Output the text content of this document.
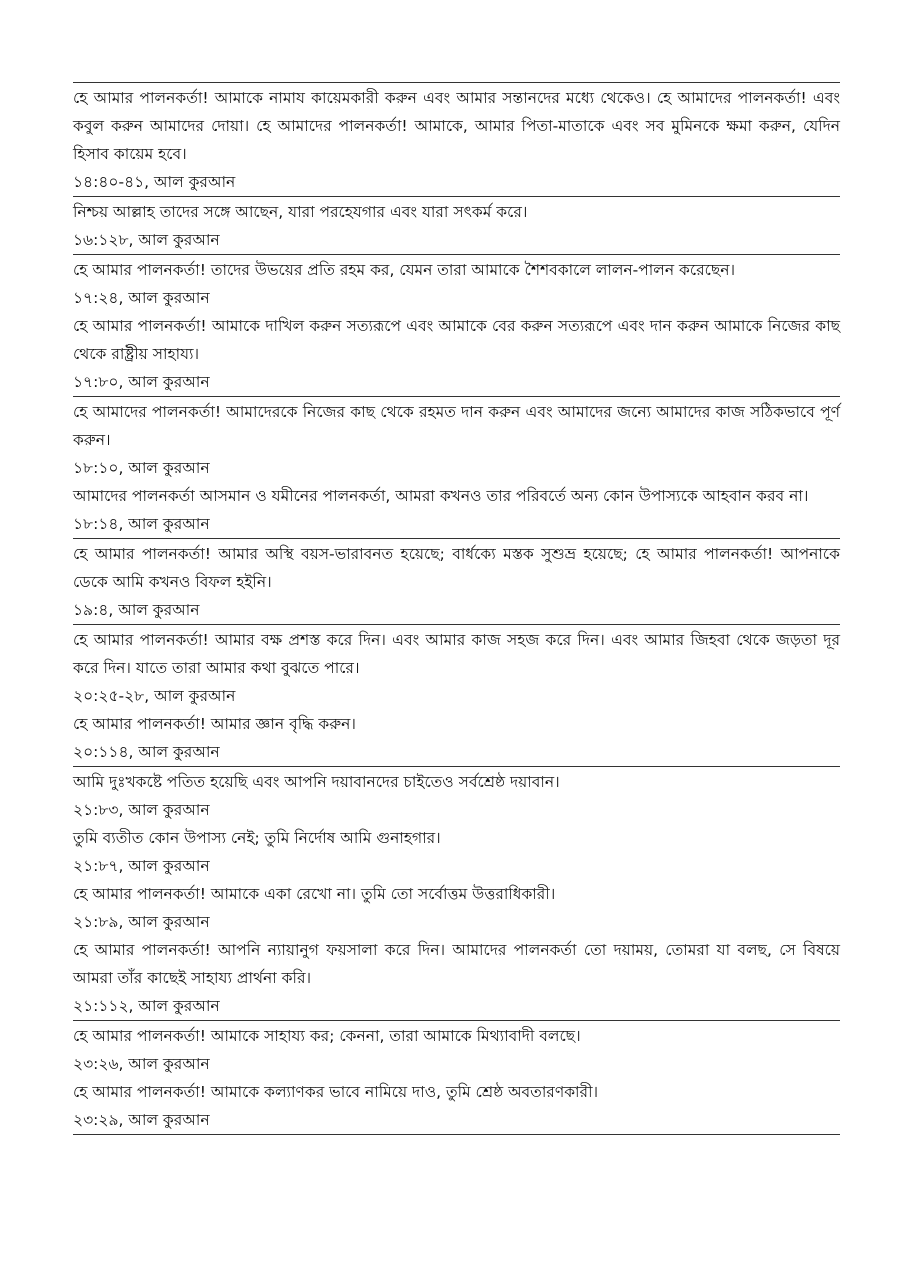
হে আমার পালনকর্তা! আমাকে নামায কায়েমকারী করুন এবং আমার সন্তানদের মধ্যে থেকেও। হে আমাদের পালনকর্তা! এবং কবুল করুন আমাদের দোয়া। হে আমাদের পালনকর্তা! আমাকে, আমার পিতা-মাতাকে এবং সব মুমিনকে ক্ষমা করুন, যেদিন হিসাব কায়েম হবে।

১৪:৪০-৪১, আল কুরআন

নিশ্চয় আল্লাহ তাদের সঙ্গে আছেন, যারা পরহেযগার এবং যারা সৎকর্ম করে।

১৬:১২৮, আল কুরআন

হে আমার পালনকর্তা! তাদের উভয়ের প্রতি রহম কর, যেমন তারা আমাকে শৈশবকালে লালন-পালন করেছেন।

১৭:২৪, আল কুরআন

হে আমার পালনকর্তা! আমাকে দাখিল করুন সত্যরূপে এবং আমাকে বের করুন সত্যরূপে এবং দান করুন আমাকে নিজের কাছ থেকে রাষ্ট্রীয় সাহায্য।

১৭:৮০, আল কুরআন

হে আমাদের পালনকর্তা! আমাদেরকে নিজের কাছ থেকে রহমত দান করুন এবং আমাদের জন্যে আমাদের কাজ সঠিকভাবে পূর্ণ করুন।

১৮:১০, আল কুরআন

আমাদের পালনকর্তা আসমান ও যমীনের পালনকর্তা, আমরা কখনও তার পরিবর্তে অন্য কোন উপাস্যকে আহবান করব না।

১৮:১৪, আল কুরআন

হে আমার পালনকর্তা! আমার অস্থি বয়স-ভারাবনত হয়েছে; বার্ধক্যে মস্তক সুশুভ্র হয়েছে; হে আমার পালনকর্তা! আপনাকে ডেকে আমি কখনও বিফল হইনি।

১৯:৪, আল কুরআন

হে আমার পালনকর্তা! আমার বক্ষ প্রশস্ত করে দিন। এবং আমার কাজ সহজ করে দিন। এবং আমার জিহবা থেকে জড়তা দূর করে দিন। যাতে তারা আমার কথা বুঝতে পারে।

২০:২৫-২৮, আল কুরআন

হে আমার পালনকর্তা! আমার জ্ঞান বৃদ্ধি করুন।

২০:১১৪, আল কুরআন

আমি দুঃখকষ্টে পতিত হয়েছি এবং আপনি দয়াবানদের চাইতেও সর্বশ্রেষ্ঠ দয়াবান।

২১:৮৩, আল কুরআন

তুমি ব্যতীত কোন উপাস্য নেই; তুমি নির্দোষ আমি গুনাহগার।

২১:৮৭, আল কুরআন

হে আমার পালনকর্তা! আমাকে একা রেখো না। তুমি তো সর্বোত্তম উত্তরাধিকারী।

২১:৮৯, আল কুরআন

হে আমার পালনকর্তা! আপনি ন্যায়ানুগ ফয়সালা করে দিন। আমাদের পালনকর্তা তো দয়াময়, তোমরা যা বলছ, সে বিষয়ে আমরা তাঁর কাছেই সাহায্য প্রার্থনা করি।

২১:১১২, আল কুরআন

হে আমার পালনকর্তা! আমাকে সাহায্য কর; কেননা, তারা আমাকে মিথ্যাবাদী বলছে।

২৩:২৬, আল কুরআন

হে আমার পালনকর্তা! আমাকে কল্যাণকর ভাবে নামিয়ে দাও, তুমি শ্রেষ্ঠ অবতারণকারী।

২৩:২৯, আল কুরআন
